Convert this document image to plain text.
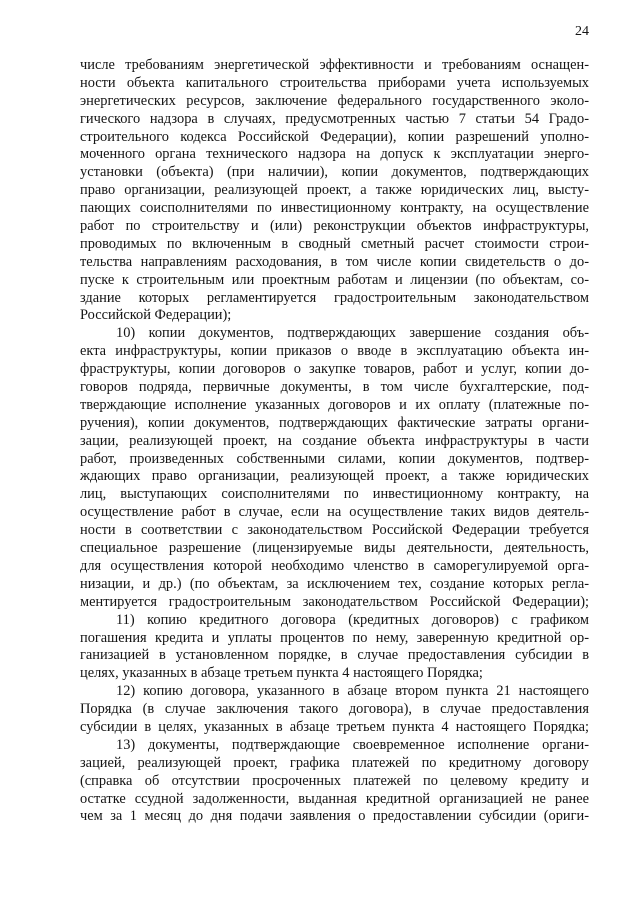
24
числе требованиям энергетической эффективности и требованиям оснащен-
ности объекта капитального строительства приборами учета используемых
энергетических ресурсов, заключение федерального государственного эколо-
гического надзора в случаях, предусмотренных частью 7 статьи 54 Градо-
строительного кодекса Российской Федерации), копии разрешений уполно-
моченного органа технического надзора на допуск к эксплуатации энерго-
установки (объекта) (при наличии), копии документов, подтверждающих
право организации, реализующей проект, а также юридических лиц, высту-
пающих соисполнителями по инвестиционному контракту, на осуществление
работ по строительству и (или) реконструкции объектов инфраструктуры,
проводимых по включенным в сводный сметный расчет стоимости строи-
тельства направлениям расходования, в том числе копии свидетельств о до-
пуске к строительным или проектным работам и лицензии (по объектам, со-
здание которых регламентируется градостроительным законодательством
Российской Федерации);
10) копии документов, подтверждающих завершение создания объ-
екта инфраструктуры, копии приказов о вводе в эксплуатацию объекта ин-
фраструктуры, копии договоров о закупке товаров, работ и услуг, копии до-
говоров подряда, первичные документы, в том числе бухгалтерские, под-
тверждающие исполнение указанных договоров и их оплату (платежные по-
ручения), копии документов, подтверждающих фактические затраты органи-
зации, реализующей проект, на создание объекта инфраструктуры в части
работ, произведенных собственными силами, копии документов, подтвер-
ждающих право организации, реализующей проект, а также юридических
лиц, выступающих соисполнителями по инвестиционному контракту, на
осуществление работ в случае, если на осуществление таких видов деятель-
ности в соответствии с законодательством Российской Федерации требуется
специальное разрешение (лицензируемые виды деятельности, деятельность,
для осуществления которой необходимо членство в саморегулируемой орга-
низации, и др.) (по объектам, за исключением тех, создание которых регла-
ментируется градостроительным законодательством Российской Федерации);
11) копию кредитного договора (кредитных договоров) с графиком
погашения кредита и уплаты процентов по нему, заверенную кредитной ор-
ганизацией в установленном порядке, в случае предоставления субсидии в
целях, указанных в абзаце третьем пункта 4 настоящего Порядка;
12) копию договора, указанного в абзаце втором пункта 21 настоящего
Порядка (в случае заключения такого договора), в случае предоставления
субсидии в целях, указанных в абзаце третьем пункта 4 настоящего Порядка;
13) документы, подтверждающие своевременное исполнение органи-
зацией, реализующей проект, графика платежей по кредитному договору
(справка об отсутствии просроченных платежей по целевому кредиту и
остатке ссудной задолженности, выданная кредитной организацией не ранее
чем за 1 месяц до дня подачи заявления о предоставлении субсидии (ориги-
